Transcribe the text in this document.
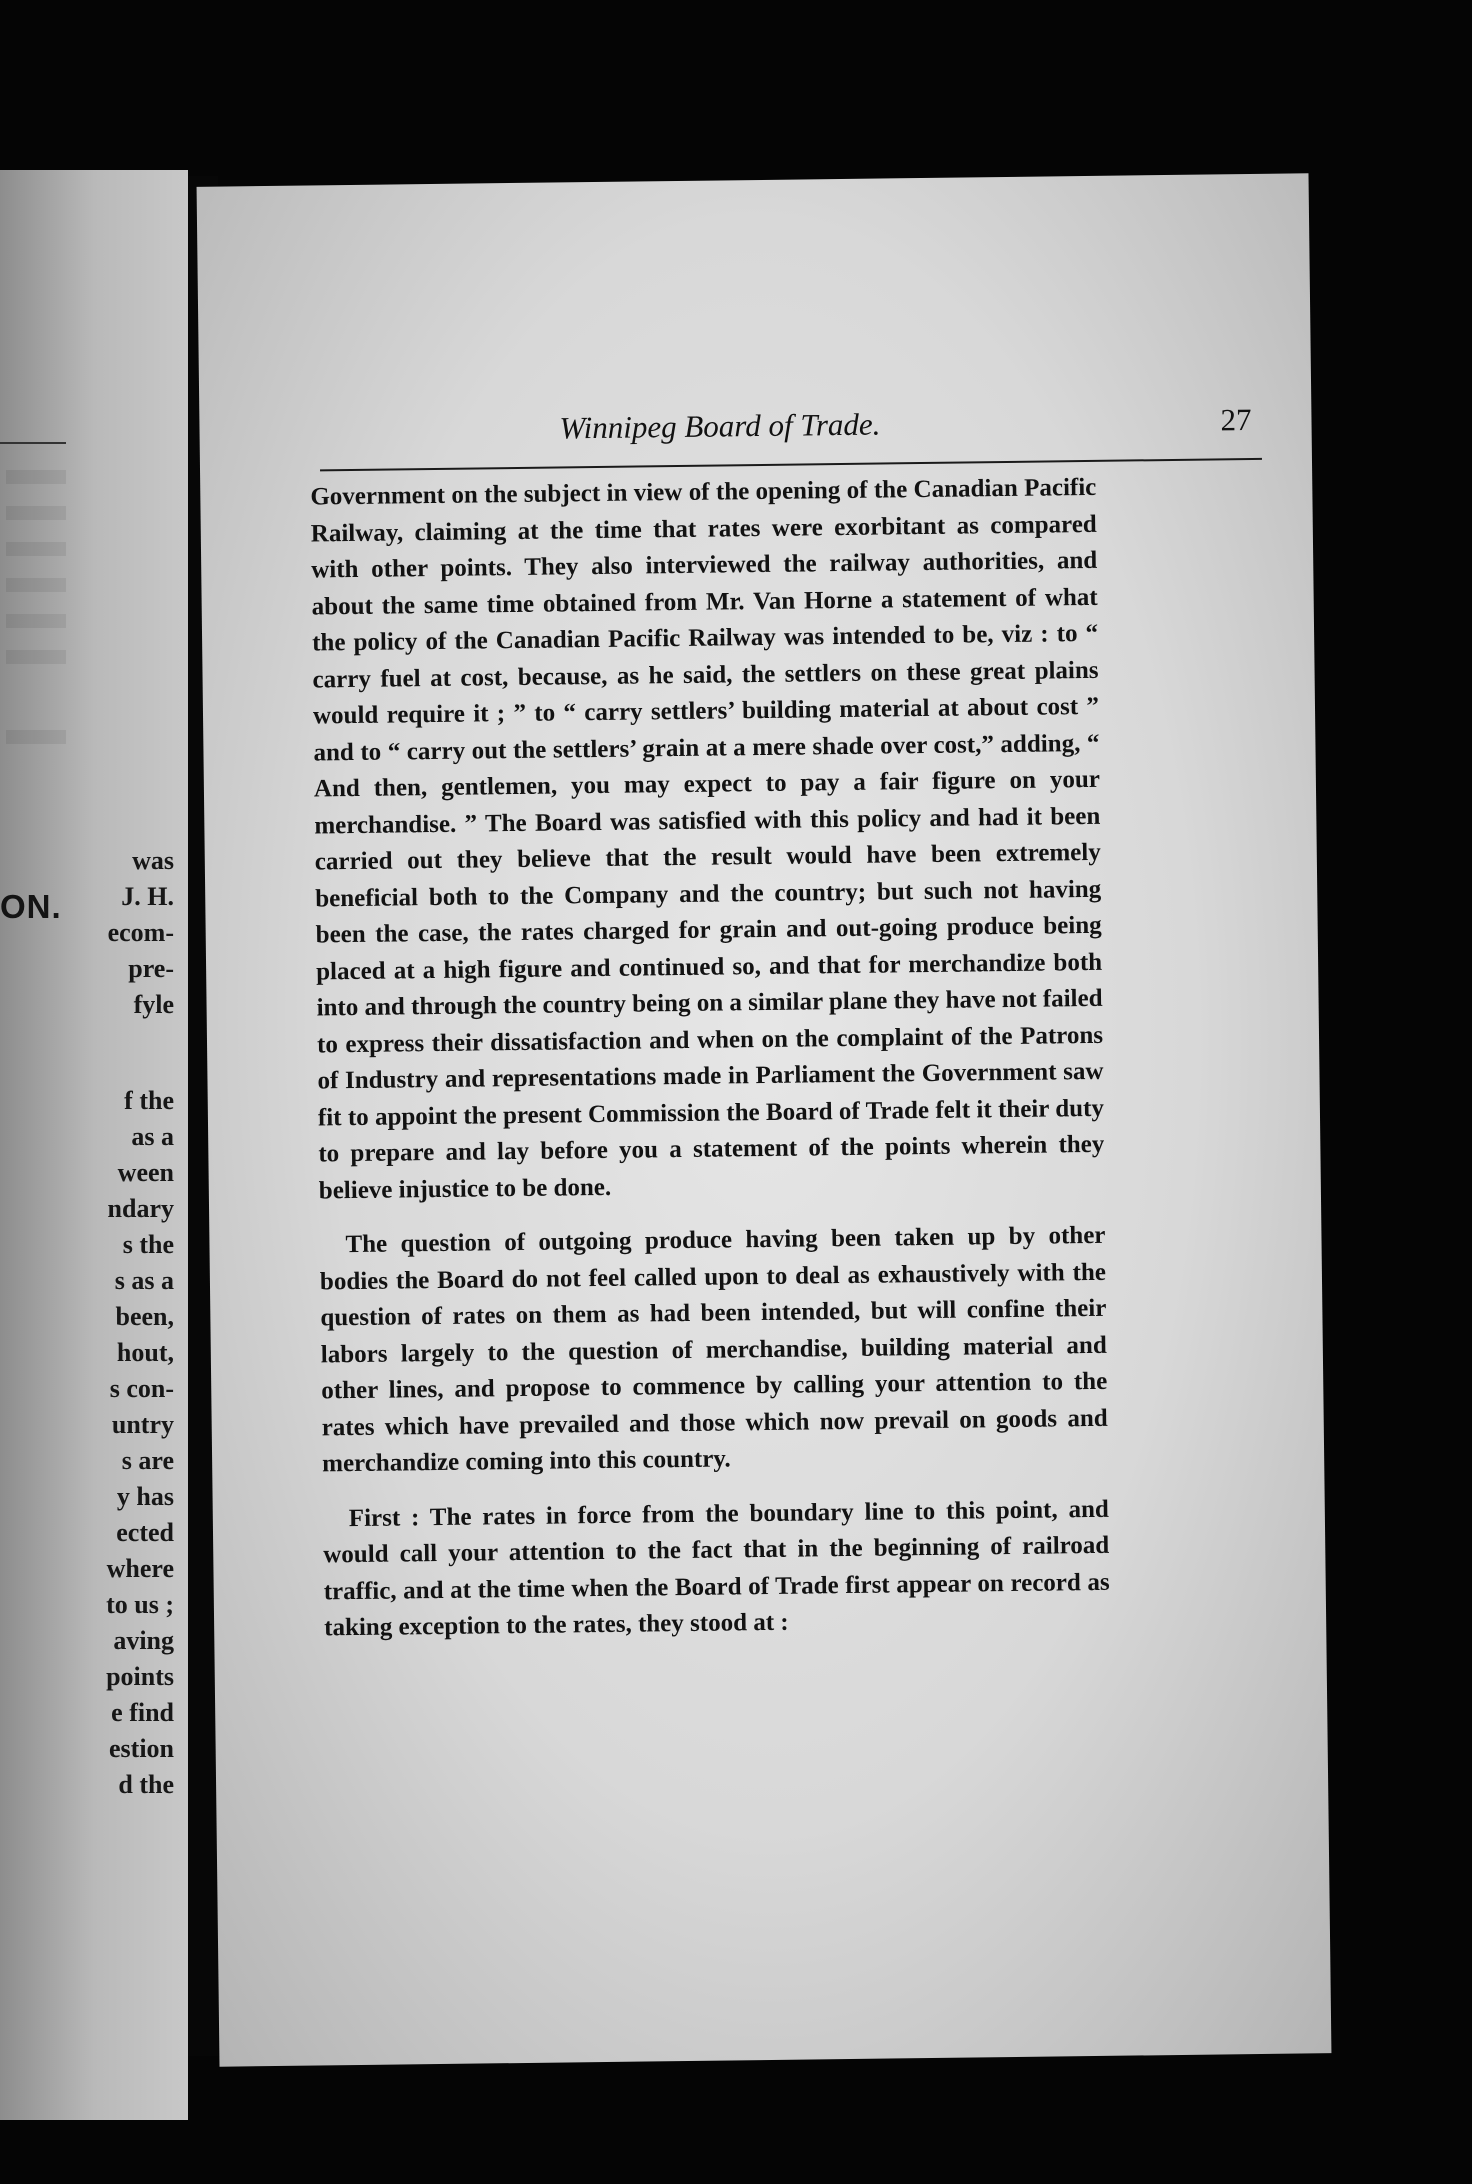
ON.
was
J. H.
ecom-
pre-
fyle
f the
as a
ween
ndary
s the
s as a
been,
hout,
s con-
untry
s are
y has
ected
where
to us ;
aving
points
e find
estion
d the
Winnipeg Board of Trade.	27

Government on the subject in view of the opening of the Canadian Pacific Railway, claiming at the time that rates were exorbitant as compared with other points. They also interviewed the railway authorities, and about the same time obtained from Mr. Van Horne a statement of what the policy of the Canadian Pacific Railway was intended to be, viz : to “ carry fuel at cost, because, as he said, the settlers on these great plains would require it ; ” to “ carry settlers’ building material at about cost ” and to “ carry out the settlers’ grain at a mere shade over cost,” adding, “ And then, gentlemen, you may expect to pay a fair figure on your merchandise. ” The Board was satisfied with this policy and had it been carried out they believe that the result would have been extremely beneficial both to the Company and the country; but such not having been the case, the rates charged for grain and out-going produce being placed at a high figure and continued so, and that for merchandize both into and through the country being on a similar plane they have not failed to express their dissatisfaction and when on the complaint of the Patrons of Industry and representations made in Parliament the Government saw fit to appoint the present Commission the Board of Trade felt it their duty to prepare and lay before you a statement of the points wherein they believe injustice to be done.

The question of outgoing produce having been taken up by other bodies the Board do not feel called upon to deal as exhaustively with the question of rates on them as had been intended, but will confine their labors largely to the question of merchandise, building material and other lines, and propose to commence by calling your attention to the rates which have prevailed and those which now prevail on goods and merchandize coming into this country.

First : The rates in force from the boundary line to this point, and would call your attention to the fact that in the beginning of railroad traffic, and at the time when the Board of Trade first appear on record as taking exception to the rates, they stood at :
